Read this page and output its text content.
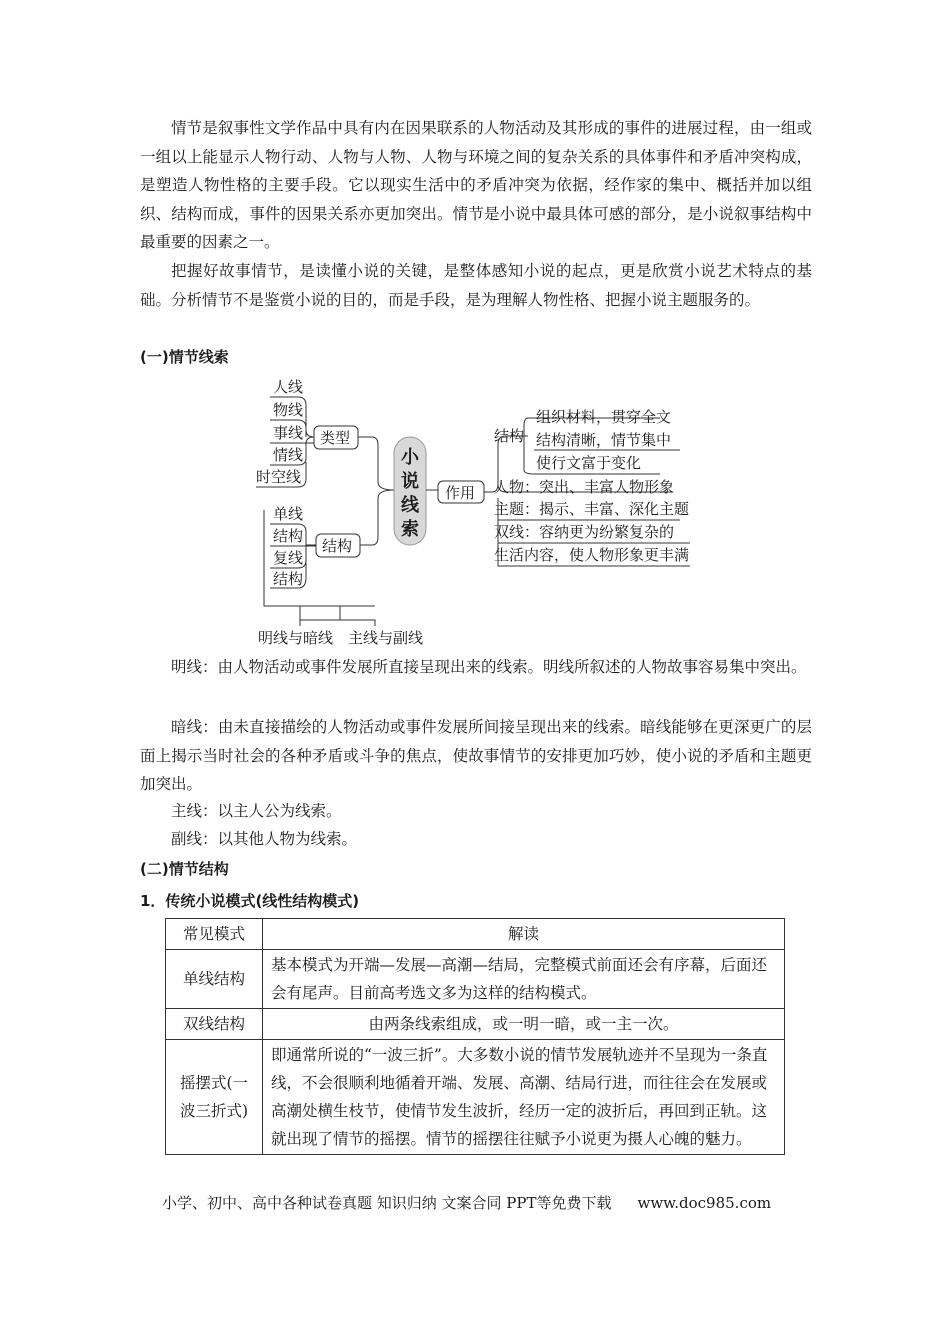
情节是叙事性文学作品中具有内在因果联系的人物活动及其形成的事件的进展过程，由一组或一组以上能显示人物行动、人物与人物、人物与环境之间的复杂关系的具体事件和矛盾冲突构成，是塑造人物性格的主要手段。它以现实生活中的矛盾冲突为依据，经作家的集中、概括并加以组织、结构而成，事件的因果关系亦更加突出。情节是小说中最具体可感的部分，是小说叙事结构中最重要的因素之一。

把握好故事情节，是读懂小说的关键，是整体感知小说的起点，更是欣赏小说艺术特点的基础。分析情节不是鉴赏小说的目的，而是手段，是为理解人物性格、把握小说主题服务的。

(一)情节线索

人线
物线
事线
情线
时空线
类型
单线
结构
复线
结构
结构
明线与暗线　主线与副线
小
说
线
索
作用
结构
组织材料，贯穿全文
结构清晰，情节集中
使行文富于变化
人物：突出、丰富人物形象
主题：揭示、丰富、深化主题
双线：容纳更为纷繁复杂的
生活内容，使人物形象更丰满

明线：由人物活动或事件发展所直接呈现出来的线索。明线所叙述的人物故事容易集中突出。

暗线：由未直接描绘的人物活动或事件发展所间接呈现出来的线索。暗线能够在更深更广的层面上揭示当时社会的各种矛盾或斗争的焦点，使故事情节的安排更加巧妙，使小说的矛盾和主题更加突出。

主线：以主人公为线索。

副线：以其他人物为线索。

(二)情节结构

1．传统小说模式(线性结构模式)

常见模式	解读
单线结构	基本模式为开端—发展—高潮—结局，完整模式前面还会有序幕，后面还会有尾声。目前高考选文多为这样的结构模式。
双线结构	由两条线索组成，或一明一暗，或一主一次。
摇摆式(一波三折式)	即通常所说的“一波三折”。大多数小说的情节发展轨迹并不呈现为一条直线，不会很顺利地循着开端、发展、高潮、结局行进，而往往会在发展或高潮处横生枝节，使情节发生波折，经历一定的波折后，再回到正轨。这就出现了情节的摇摆。情节的摇摆往往赋予小说更为摄人心魄的魅力。
小学、初中、高中各种试卷真题 知识归纳 文案合同 PPT等免费下载 www.doc985.com
